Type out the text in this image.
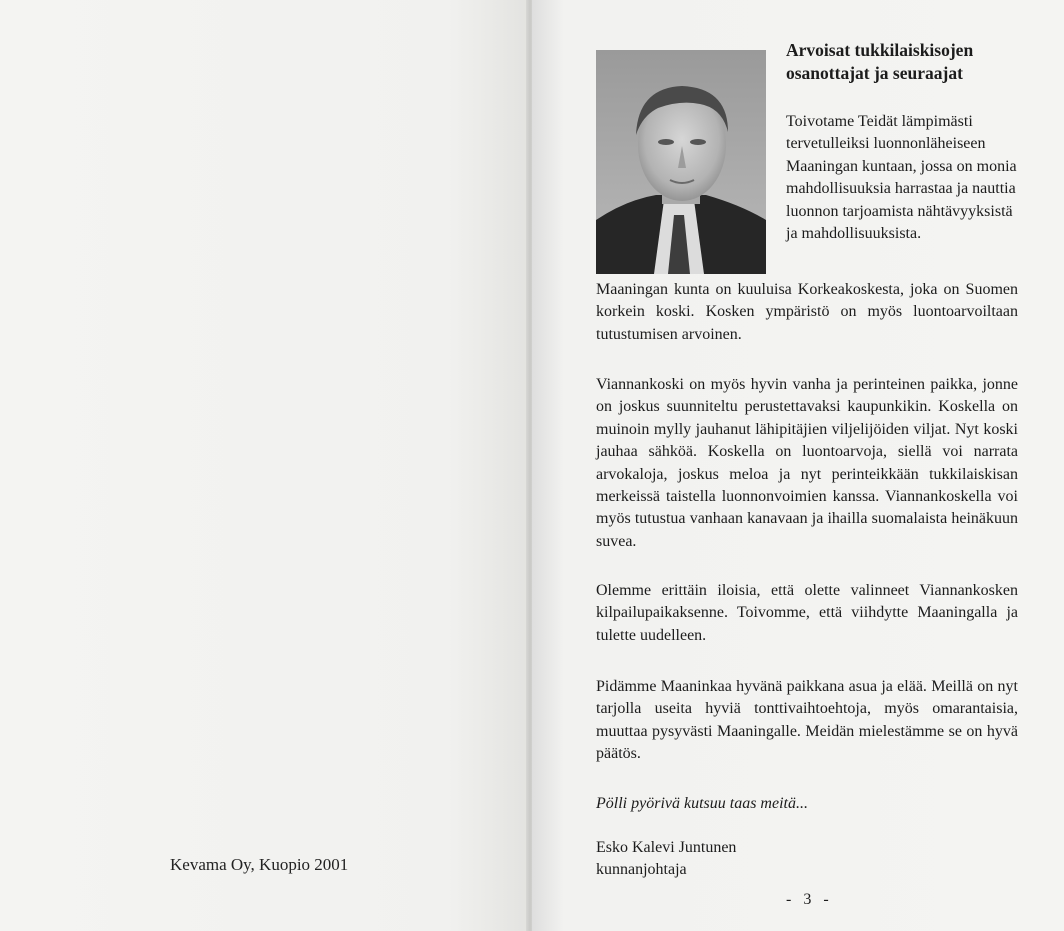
Kevama Oy, Kuopio 2001
Arvoisat tukkilaiskisojen osanottajat ja seuraajat
Toivotame Teidät lämpimästi tervetulleiksi luonnonläheiseen Maaningan kuntaan, jossa on monia mahdollisuuksia harrastaa ja nauttia luonnon tarjoamista nähtävyyksistä ja mahdollisuuksista.

Maaningan kunta on kuuluisa Korkeakoskesta, joka on Suomen korkein koski. Kosken ympäristö on myös luontoarvoiltaan tutustumisen arvoinen.

Viannankoski on myös hyvin vanha ja perinteinen paikka, jonne on joskus suunniteltu perustettavaksi kaupunkikin. Koskella on muinoin mylly jauhanut lähipitäjien viljelijöiden viljat. Nyt koski jauhaa sähköä. Koskella on luontoarvoja, siellä voi narrata arvokaloja, joskus meloa ja nyt perinteikkään tukkilaiskisan merkeissä taistella luonnonvoimien kanssa. Viannankoskella voi myös tutustua vanhaan kanavaan ja ihailla suomalaista heinäkuun suvea.

Olemme erittäin iloisia, että olette valinneet Viannankosken kilpailupaikaksenne. Toivomme, että viihdytte Maaningalla ja tulette uudelleen.

Pidämme Maaninkaa hyvänä paikkana asua ja elää. Meillä on nyt tarjolla useita hyviä tonttivaihtoehtoja, myös omarantaisia, muuttaa pysyvästi Maaningalle. Meidän mielestämme se on hyvä päätös.

Pölli pyörivä kutsuu taas meitä...

Esko Kalevi Juntunen

kunnanjohtaja

- 3 -
